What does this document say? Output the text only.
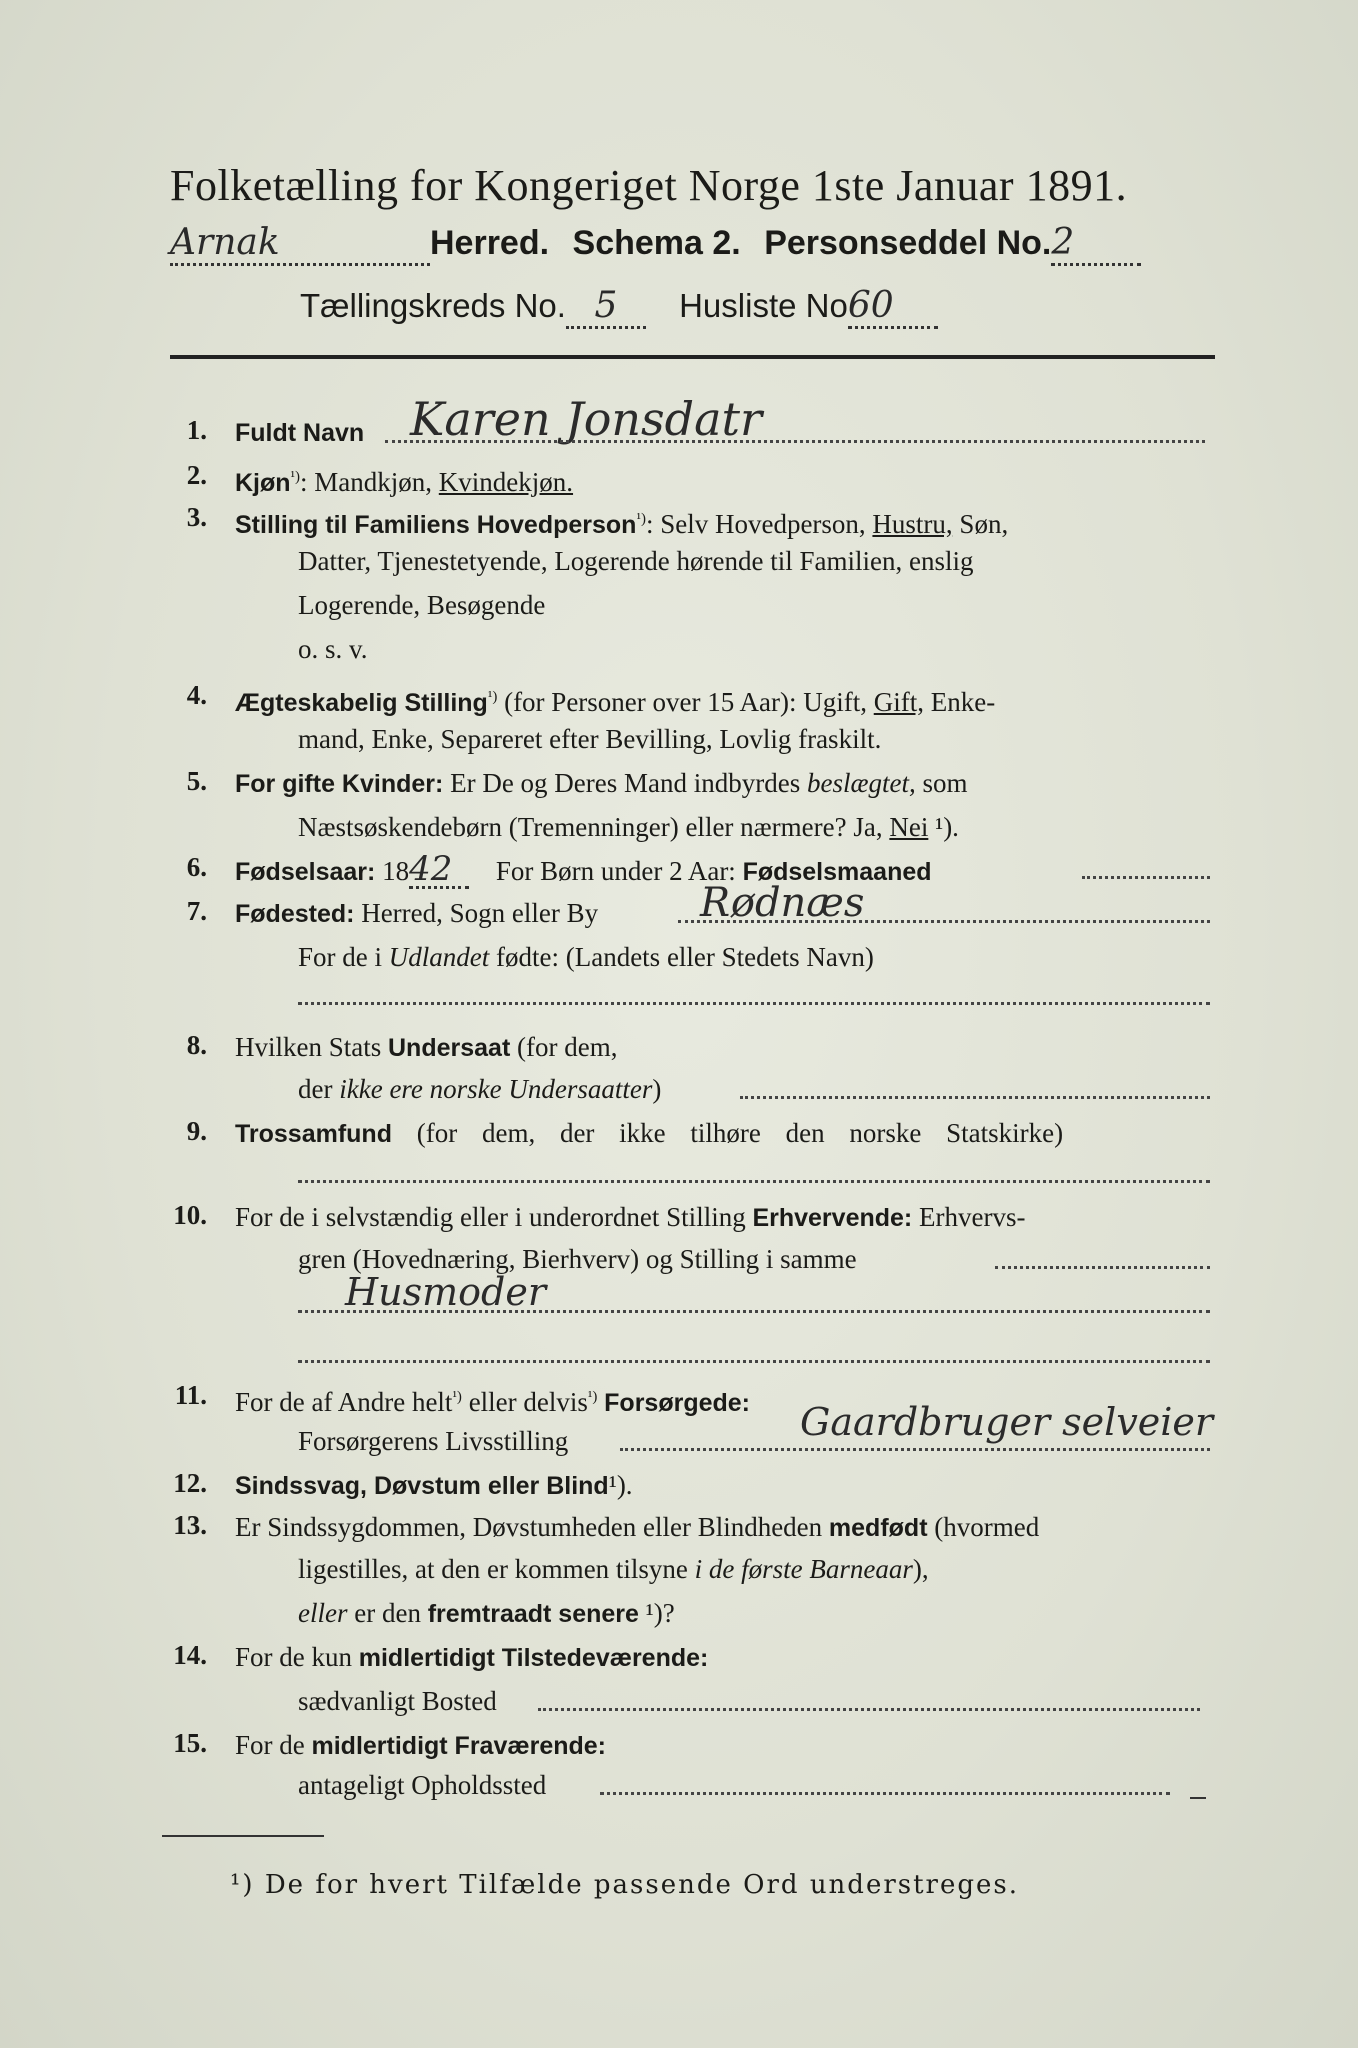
Folketælling for Kongeriget Norge 1ste Januar 1891.
Arnak	Herred. Schema 2. Personseddel No.2
Tællingskreds No. 5 Husliste No60
1. Fuldt Navn Karen Jonsdatr
2. Kjøn$^{^1)}$: Mandkjøn, Kvindekjøn.
3. Stilling til Familiens Hovedperson$^{^1)}$: Selv Hovedperson, Hustru, Søn,
Datter, Tjenestetyende, Logerende hørende til Familien, enslig
Logerende, Besøgende
o. s. v.
4. Ægteskabelig Stilling$^{^1)}$ (for Personer over 15 Aar): Ugift, Gift, Enke-
mand, Enke, Separeret efter Bevilling, Lovlig fraskilt.
5. For gifte Kvinder: Er De og Deres Mand indbyrdes beslægtet, som
Næstsøskendebørn (Tremenninger) eller nærmere? Ja, Nei ¹).
6. Fødselsaar: 1842 For Børn under 2 Aar: Fødselsmaaned
7. Fødested: Herred, Sogn eller By	Rødnæs
For de i Udlandet fødte: (Landets eller Stedets Navn)
8. Hvilken Stats Undersaat (for dem,
der ikke ere norske Undersaatter)
9. Trossamfund (for dem, der ikke tilhøre den norske Statskirke)
10. For de i selvstændig eller i underordnet Stilling Erhvervende: Erhvervs-
gren (Hovednæring, Bierhverv) og Stilling i samme
Husmoder
11. For de af Andre helt$^{^1)}$ eller delvis$^{^1)}$ Forsørgede:
Forsørgerens Livsstilling	Gaardbruger selveier
12. Sindssvag, Døvstum eller Blind¹).
13. Er Sindssygdommen, Døvstumheden eller Blindheden medfødt (hvormed
ligestilles, at den er kommen tilsyne i de første Barneaar),
eller er den fremtraadt senere ¹)?
14. For de kun midlertidigt Tilstedeværende:
sædvanligt Bosted
15. For de midlertidigt Fraværende:
antageligt Opholdssted
¹) De for hvert Tilfælde passende Ord understreges.
